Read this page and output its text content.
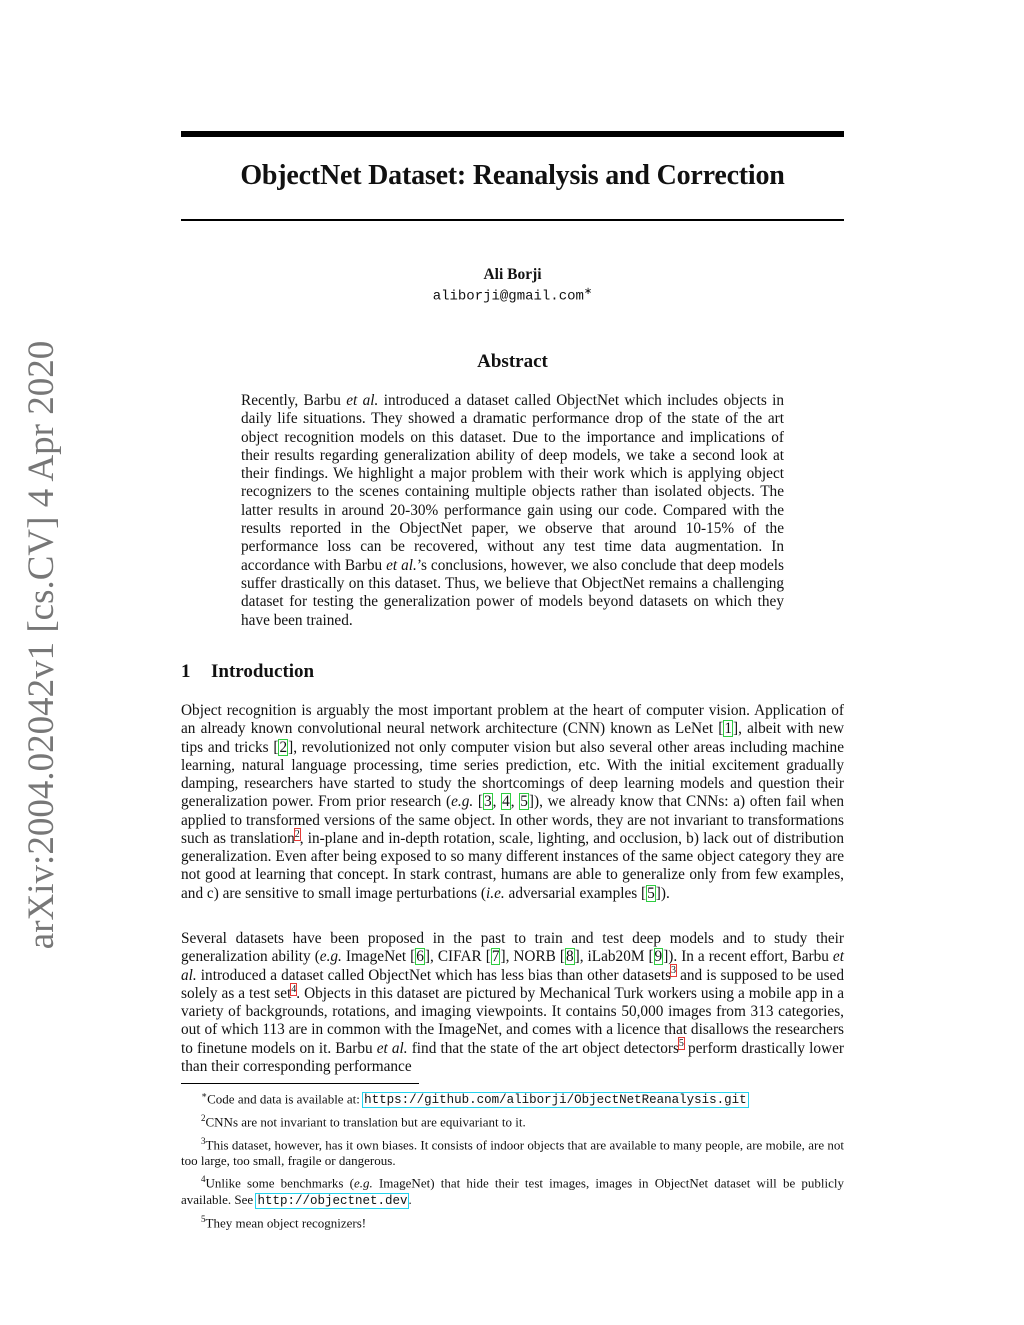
ObjectNet Dataset: Reanalysis and Correction
arXiv:2004.02042v1 [cs.CV] 4 Apr 2020
Ali Borji
aliborji@gmail.com∗
Abstract
Recently, Barbu et al. introduced a dataset called ObjectNet which includes objects in daily life situations. They showed a dramatic performance drop of the state of the art object recognition models on this dataset. Due to the importance and implications of their results regarding generalization ability of deep models, we take a second look at their findings. We highlight a major problem with their work which is applying object recognizers to the scenes containing multiple objects rather than isolated objects. The latter results in around 20-30% performance gain using our code. Compared with the results reported in the ObjectNet paper, we observe that around 10-15% of the performance loss can be recovered, without any test time data augmentation. In accordance with Barbu et al.’s conclusions, however, we also conclude that deep models suffer drastically on this dataset. Thus, we believe that ObjectNet remains a challenging dataset for testing the generalization power of models beyond datasets on which they have been trained.
1 Introduction
Object recognition is arguably the most important problem at the heart of computer vision. Application of an already known convolutional neural network architecture (CNN) known as LeNet [1], albeit with new tips and tricks [2], revolutionized not only computer vision but also several other areas including machine learning, natural language processing, time series prediction, etc. With the initial excitement gradually damping, researchers have started to study the shortcomings of deep learning models and question their generalization power. From prior research (e.g. [3, 4, 5]), we already know that CNNs: a) often fail when applied to transformed versions of the same object. In other words, they are not invariant to transformations such as translation$^2$, in-plane and in-depth rotation, scale, lighting, and occlusion, b) lack out of distribution generalization. Even after being exposed to so many different instances of the same object category they are not good at learning that concept. In stark contrast, humans are able to generalize only from few examples, and c) are sensitive to small image perturbations (i.e. adversarial examples [5]).
Several datasets have been proposed in the past to train and test deep models and to study their generalization ability (e.g. ImageNet [6], CIFAR [7], NORB [8], iLab20M [9]). In a recent effort, Barbu et al. introduced a dataset called ObjectNet which has less bias than other datasets$^3$ and is supposed to be used solely as a test set$^4$. Objects in this dataset are pictured by Mechanical Turk workers using a mobile app in a variety of backgrounds, rotations, and imaging viewpoints. It contains 50,000 images from 313 categories, out of which 113 are in common with the ImageNet, and comes with a licence that disallows the researchers to finetune models on it. Barbu et al. find that the state of the art object detectors$^5$ perform drastically lower than their corresponding performance

∗Code and data is available at: https://github.com/aliborji/ObjectNetReanalysis.git

$^2$CNNs are not invariant to translation but are equivariant to it.

$^3$This dataset, however, has it own biases. It consists of indoor objects that are available to many people, are mobile, are not too large, too small, fragile or dangerous.

$^4$Unlike some benchmarks (e.g. ImageNet) that hide their test images, images in ObjectNet dataset will be publicly available. See http://objectnet.dev.

$^5$They mean object recognizers!
